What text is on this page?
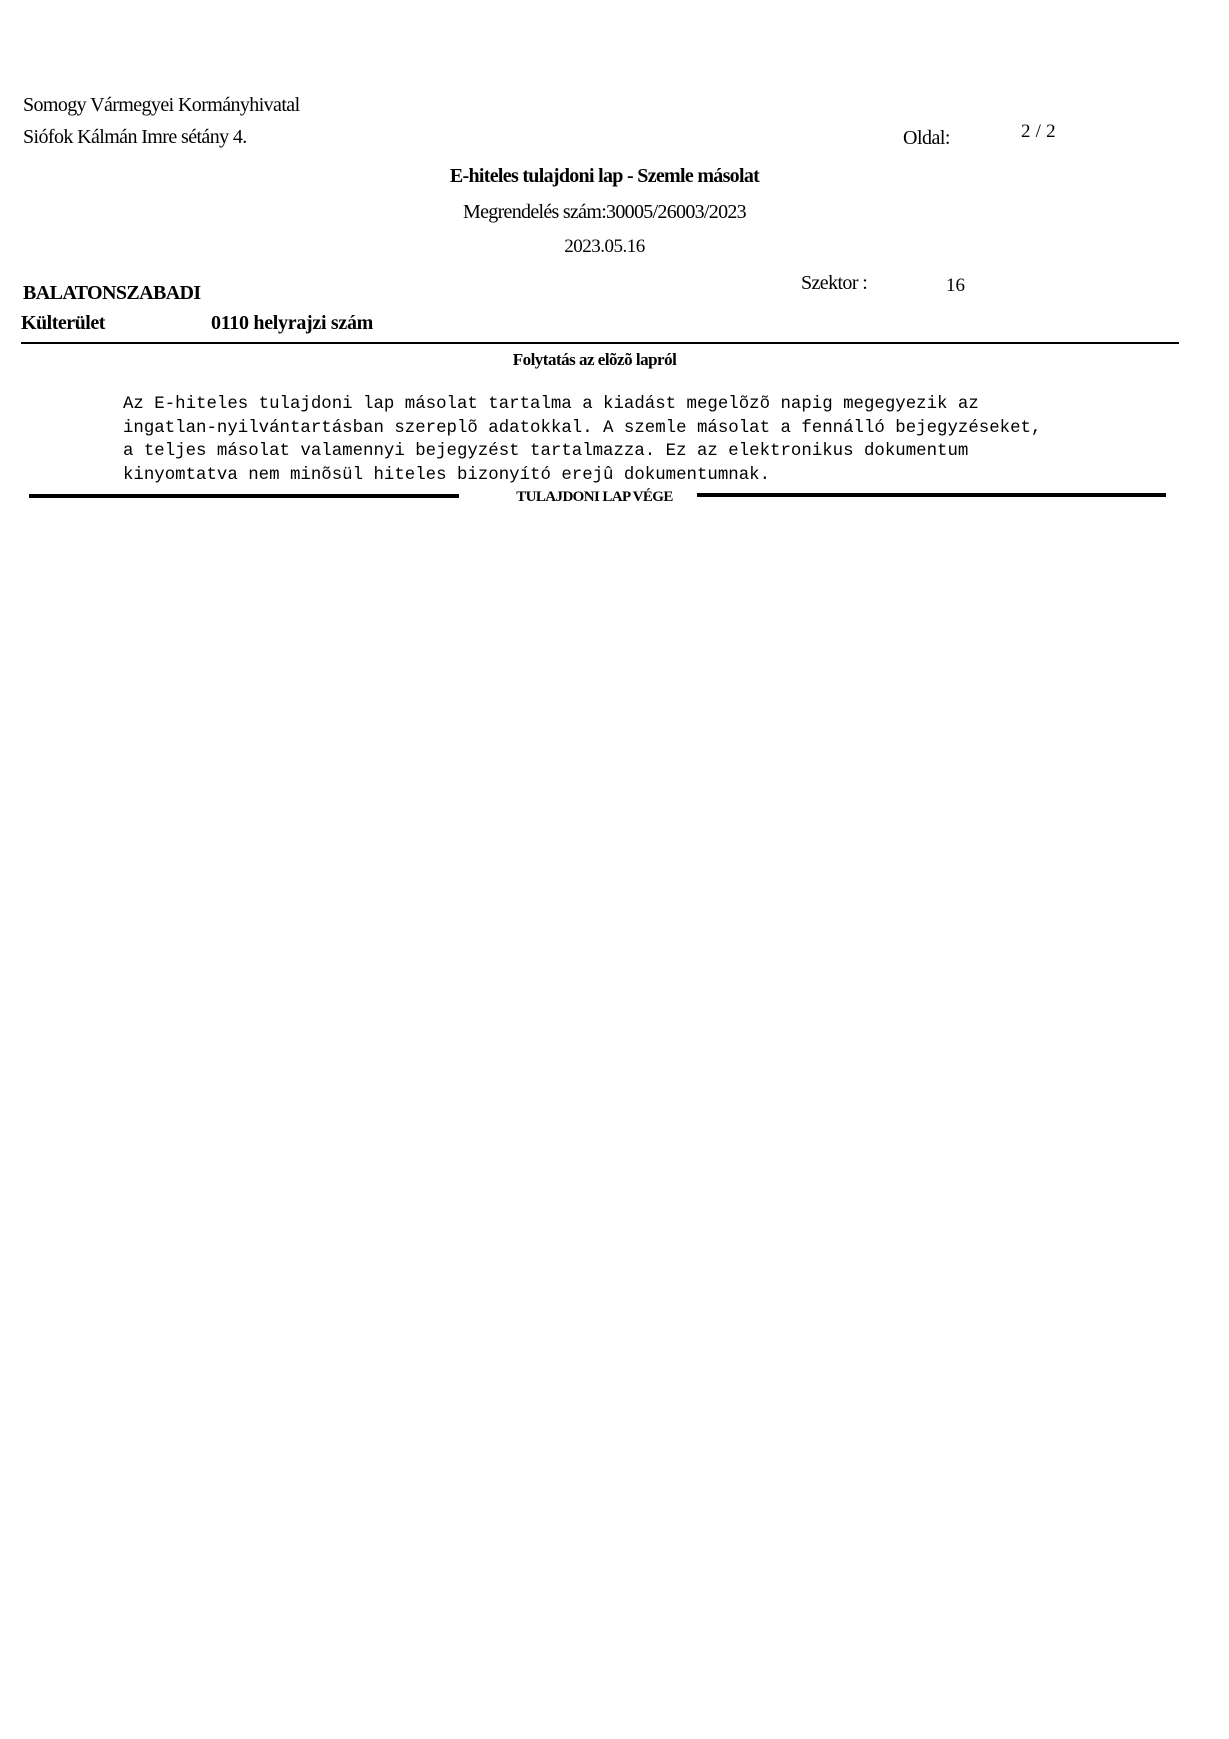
Somogy Vármegyei Kormányhivatal
Siófok Kálmán Imre sétány 4.	Oldal:	2 / 2
E-hiteles tulajdoni lap - Szemle másolat
Megrendelés szám:30005/26003/2023
2023.05.16
BALATONSZABADI	Szektor :	16
Külterület	0110 helyrajzi szám
Folytatás az elõzõ lapról
Az E-hiteles tulajdoni lap másolat tartalma a kiadást megelõzõ napig megegyezik az
ingatlan-nyilvántartásban szereplõ adatokkal. A szemle másolat a fennálló bejegyzéseket,
a teljes másolat valamennyi bejegyzést tartalmazza. Ez az elektronikus dokumentum
kinyomtatva nem minõsül hiteles bizonyító erejû dokumentumnak.
TULAJDONI LAP VÉGE
